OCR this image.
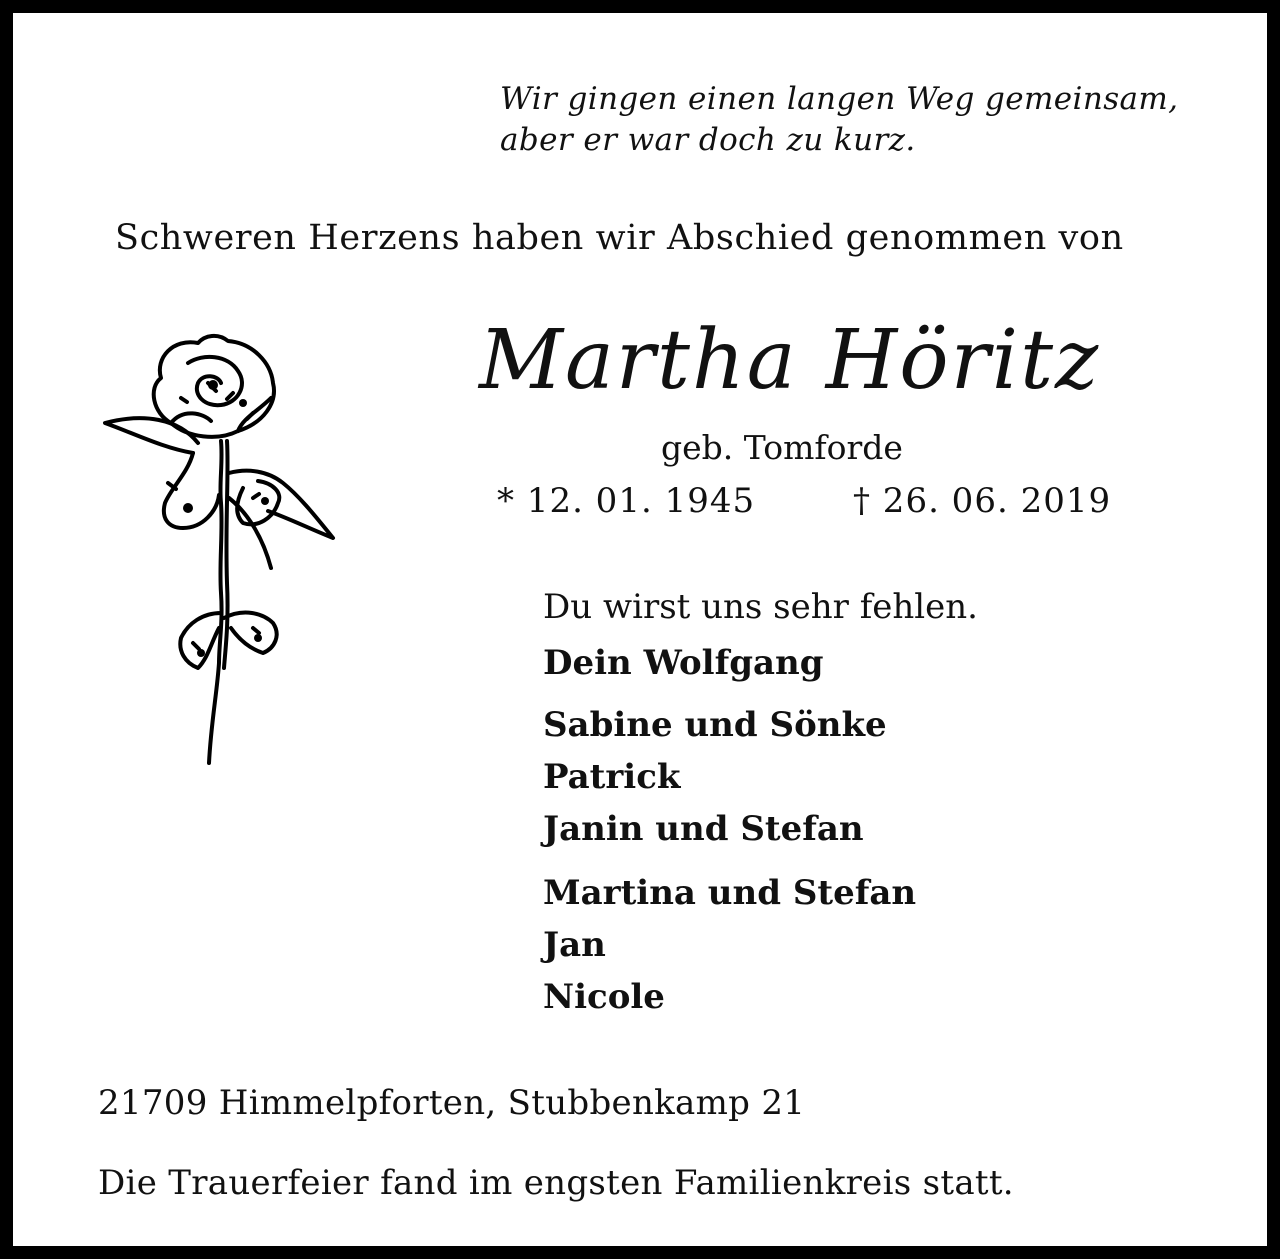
Wir gingen einen langen Weg gemeinsam,
aber er war doch zu kurz.
Schweren Herzens haben wir Abschied genommen von
Martha Höritz
geb. Tomforde
* 12. 01. 1945	† 26. 06. 2019
Du wirst uns sehr fehlen.
Dein Wolfgang
Sabine und Sönke
Patrick
Janin und Stefan
Martina und Stefan
Jan
Nicole
21709 Himmelpforten, Stubbenkamp 21
Die Trauerfeier fand im engsten Familienkreis statt.
